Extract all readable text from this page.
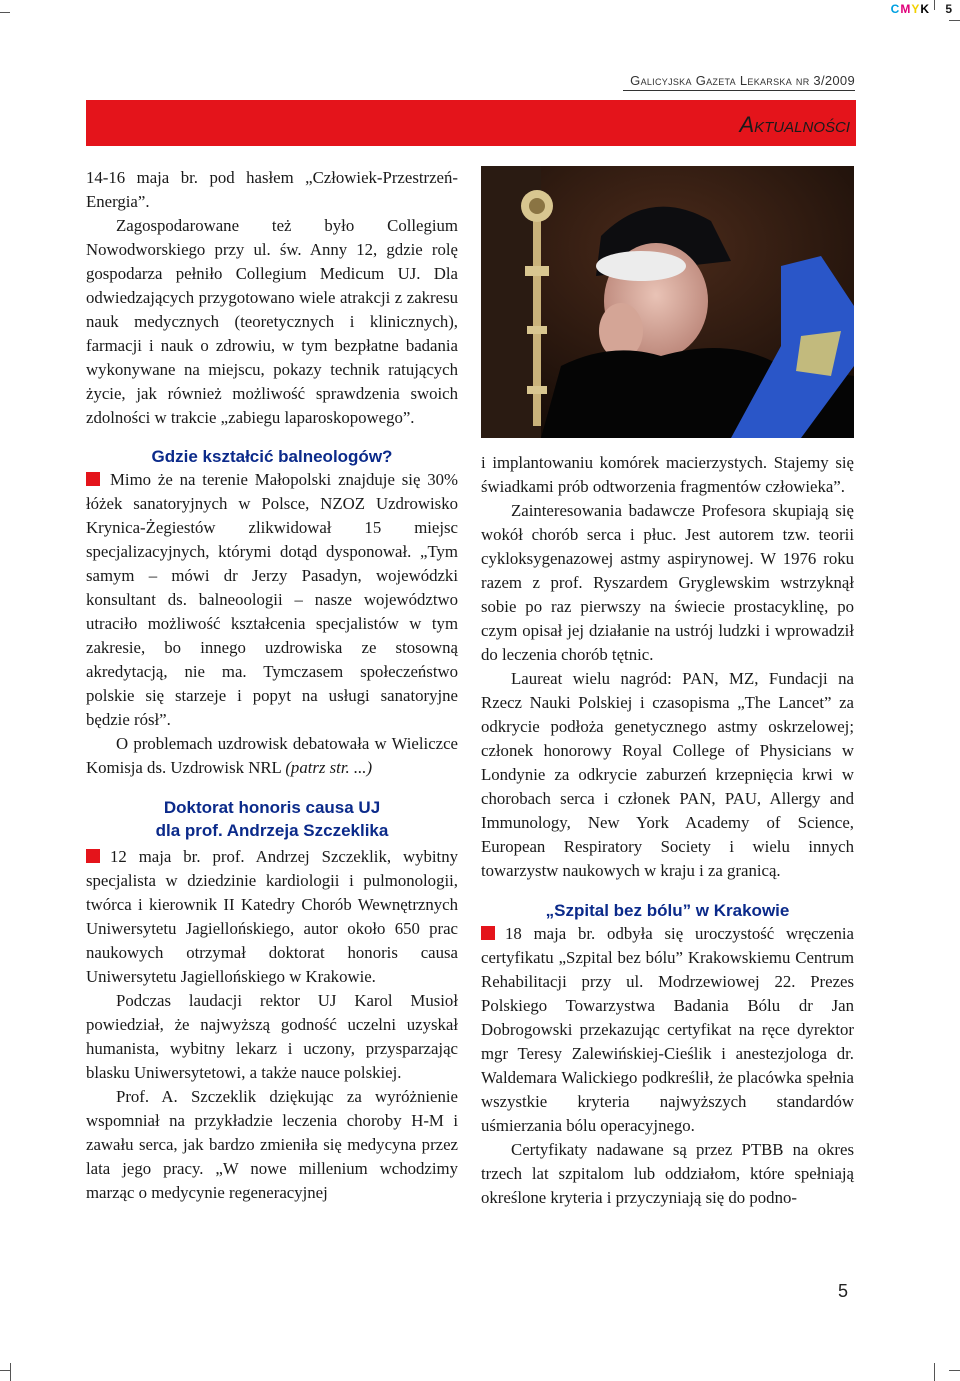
CMYK 5
Galicyjska Gazeta Lekarska nr 3/2009
Aktualności

14-16 maja br. pod hasłem „Człowiek-Przestrzeń-Energia”.

Zagospodarowane też było Collegium Nowodworskiego przy ul. św. Anny 12, gdzie rolę gospodarza pełniło Collegium Medicum UJ. Dla odwiedzających przygotowano wiele atrakcji z zakresu nauk medycznych (teoretycznych i klinicznych), farmacji i nauk o zdrowiu, w tym bezpłatne badania wykonywane na miejscu, pokazy technik ratujących życie, jak również możliwość sprawdzenia swoich zdolności w trakcie „zabiegu laparoskopowego”.

Gdzie kształcić balneologów?

Mimo że na terenie Małopolski znajduje się 30% łóżek sanatoryjnych w Polsce, NZOZ Uzdrowisko Krynica-Żegiestów zlikwidował 15 miejsc specjalizacyjnych, którymi dotąd dysponował. „Tym samym – mówi dr Jerzy Pasadyn, wojewódzki konsultant ds. balneoologii – nasze województwo utraciło możliwość kształcenia specjalistów w tym zakresie, bo innego uzdrowiska ze stosowną akredytacją, nie ma. Tymczasem społeczeństwo polskie się starzeje i popyt na usługi sanatoryjne będzie rósł”.

O problemach uzdrowisk debatowała w Wieliczce Komisja ds. Uzdrowisk NRL (patrz str. ...)

Doktorat honoris causa UJ
dla prof. Andrzeja Szczeklika

12 maja br. prof. Andrzej Szczeklik, wybitny specjalista w dziedzinie kardiologii i pulmonologii, twórca i kierownik II Katedry Chorób Wewnętrznych Uniwersytetu Jagiellońskiego, autor około 650 prac naukowych otrzymał doktorat honoris causa Uniwersytetu Jagiellońskiego w Krakowie.

Podczas laudacji rektor UJ Karol Musioł powiedział, że najwyższą godność uczelni uzyskał humanista, wybitny lekarz i uczony, przysparzając blasku Uniwersytetowi, a także nauce polskiej.

Prof. A. Szczeklik dziękując za wyróżnienie wspomniał na przykładzie leczenia choroby H-M i zawału serca, jak bardzo zmieniła się medycyna przez lata jego pracy. „W nowe millenium wchodzimy marząc o medycynie regeneracyjnej

i implantowaniu komórek macierzystych. Stajemy się świadkami prób odtworzenia fragmentów człowieka”.

Zainteresowania badawcze Profesora skupiają się wokół chorób serca i płuc. Jest autorem tzw. teorii cykloksygenazowej astmy aspirynowej. W 1976 roku razem z prof. Ryszardem Gryglewskim wstrzyknął sobie po raz pierwszy na świecie prostacyklinę, po czym opisał jej działanie na ustrój ludzki i wprowadził do leczenia chorób tętnic.

Laureat wielu nagród: PAN, MZ, Fundacji na Rzecz Nauki Polskiej i czasopisma „The Lancet” za odkrycie podłoża genetycznego astmy oskrzelowej; członek honorowy Royal College of Physicians w Londynie za odkrycie zaburzeń krzepnięcia krwi w chorobach serca i członek PAN, PAU, Allergy and Immunology, New York Academy of Science, European Respiratory Society i wielu innych towarzystw naukowych w kraju i za granicą.

„Szpital bez bólu” w Krakowie

18 maja br. odbyła się uroczystość wręczenia certyfikatu „Szpital bez bólu” Krakowskiemu Centrum Rehabilitacji przy ul. Modrzewiowej 22. Prezes Polskiego Towarzystwa Badania Bólu dr Jan Dobrogowski przekazując certyfikat na ręce dyrektor mgr Teresy Zalewińskiej-Cieślik i anestezjologa dr. Waldemara Walickiego podkreślił, że placówka spełnia wszystkie kryteria najwyższych standardów uśmierzania bólu operacyjnego.

Certyfikaty nadawane są przez PTBB na okres trzech lat szpitalom lub oddziałom, które spełniają określone kryteria i przyczyniają się do podno-

5
